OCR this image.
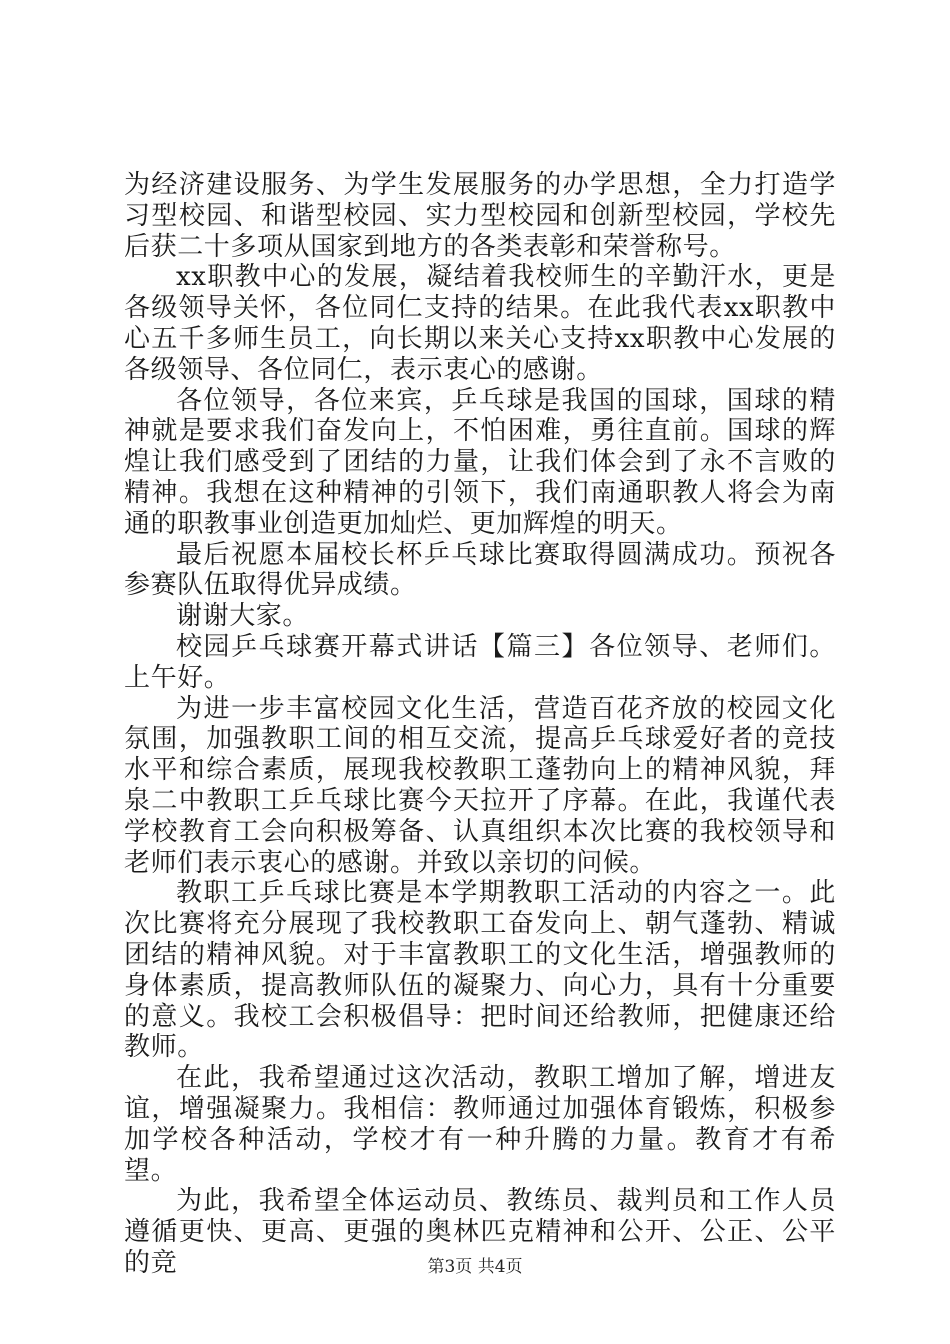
为经济建设服务、为学生发展服务的办学思想，全力打造学习型校园、和谐型校园、实力型校园和创新型校园，学校先后获二十多项从国家到地方的各类表彰和荣誉称号。

xx职教中心的发展，凝结着我校师生的辛勤汗水，更是各级领导关怀，各位同仁支持的结果。在此我代表xx职教中心五千多师生员工，向长期以来关心支持xx职教中心发展的各级领导、各位同仁，表示衷心的感谢。

各位领导，各位来宾，乒乓球是我国的国球，国球的精神就是要求我们奋发向上，不怕困难，勇往直前。国球的辉煌让我们感受到了团结的力量，让我们体会到了永不言败的精神。我想在这种精神的引领下，我们南通职教人将会为南通的职教事业创造更加灿烂、更加辉煌的明天。

最后祝愿本届校长杯乒乓球比赛取得圆满成功。预祝各参赛队伍取得优异成绩。

谢谢大家。

校园乒乓球赛开幕式讲话【篇三】各位领导、老师们。上午好。

为进一步丰富校园文化生活，营造百花齐放的校园文化氛围，加强教职工间的相互交流，提高乒乓球爱好者的竞技水平和综合素质，展现我校教职工蓬勃向上的精神风貌，拜泉二中教职工乒乓球比赛今天拉开了序幕。在此，我谨代表学校教育工会向积极筹备、认真组织本次比赛的我校领导和老师们表示衷心的感谢。并致以亲切的问候。

教职工乒乓球比赛是本学期教职工活动的内容之一。此次比赛将充分展现了我校教职工奋发向上、朝气蓬勃、精诚团结的精神风貌。对于丰富教职工的文化生活，增强教师的身体素质，提高教师队伍的凝聚力、向心力，具有十分重要的意义。我校工会积极倡导：把时间还给教师，把健康还给教师。

在此，我希望通过这次活动，教职工增加了解，增进友谊，增强凝聚力。我相信：教师通过加强体育锻炼，积极参加学校各种活动，学校才有一种升腾的力量。教育才有希望。

为此，我希望全体运动员、教练员、裁判员和工作人员遵循更快、更高、更强的奥林匹克精神和公开、公正、公平的竞	第3页 共4页
